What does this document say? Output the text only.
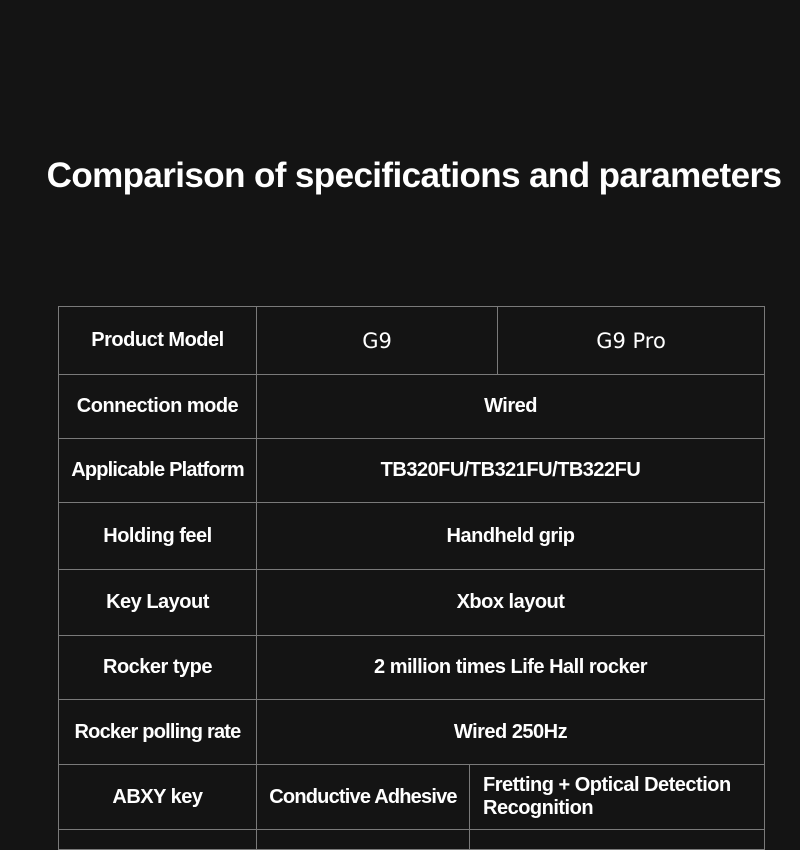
Comparison of specifications and parameters
Product Model	G9		G9 Pro
Connection mode	Wired		
Applicable Platform	TB320FU/TB321FU/TB322FU		
Holding feel	Handheld grip		
Key Layout	Xbox layout		
Rocker type	2 million times Life Hall rocker		
Rocker polling rate	Wired 250Hz		
ABXY key	Conductive Adhesive	Fretting + Optical Detection Recognition	
